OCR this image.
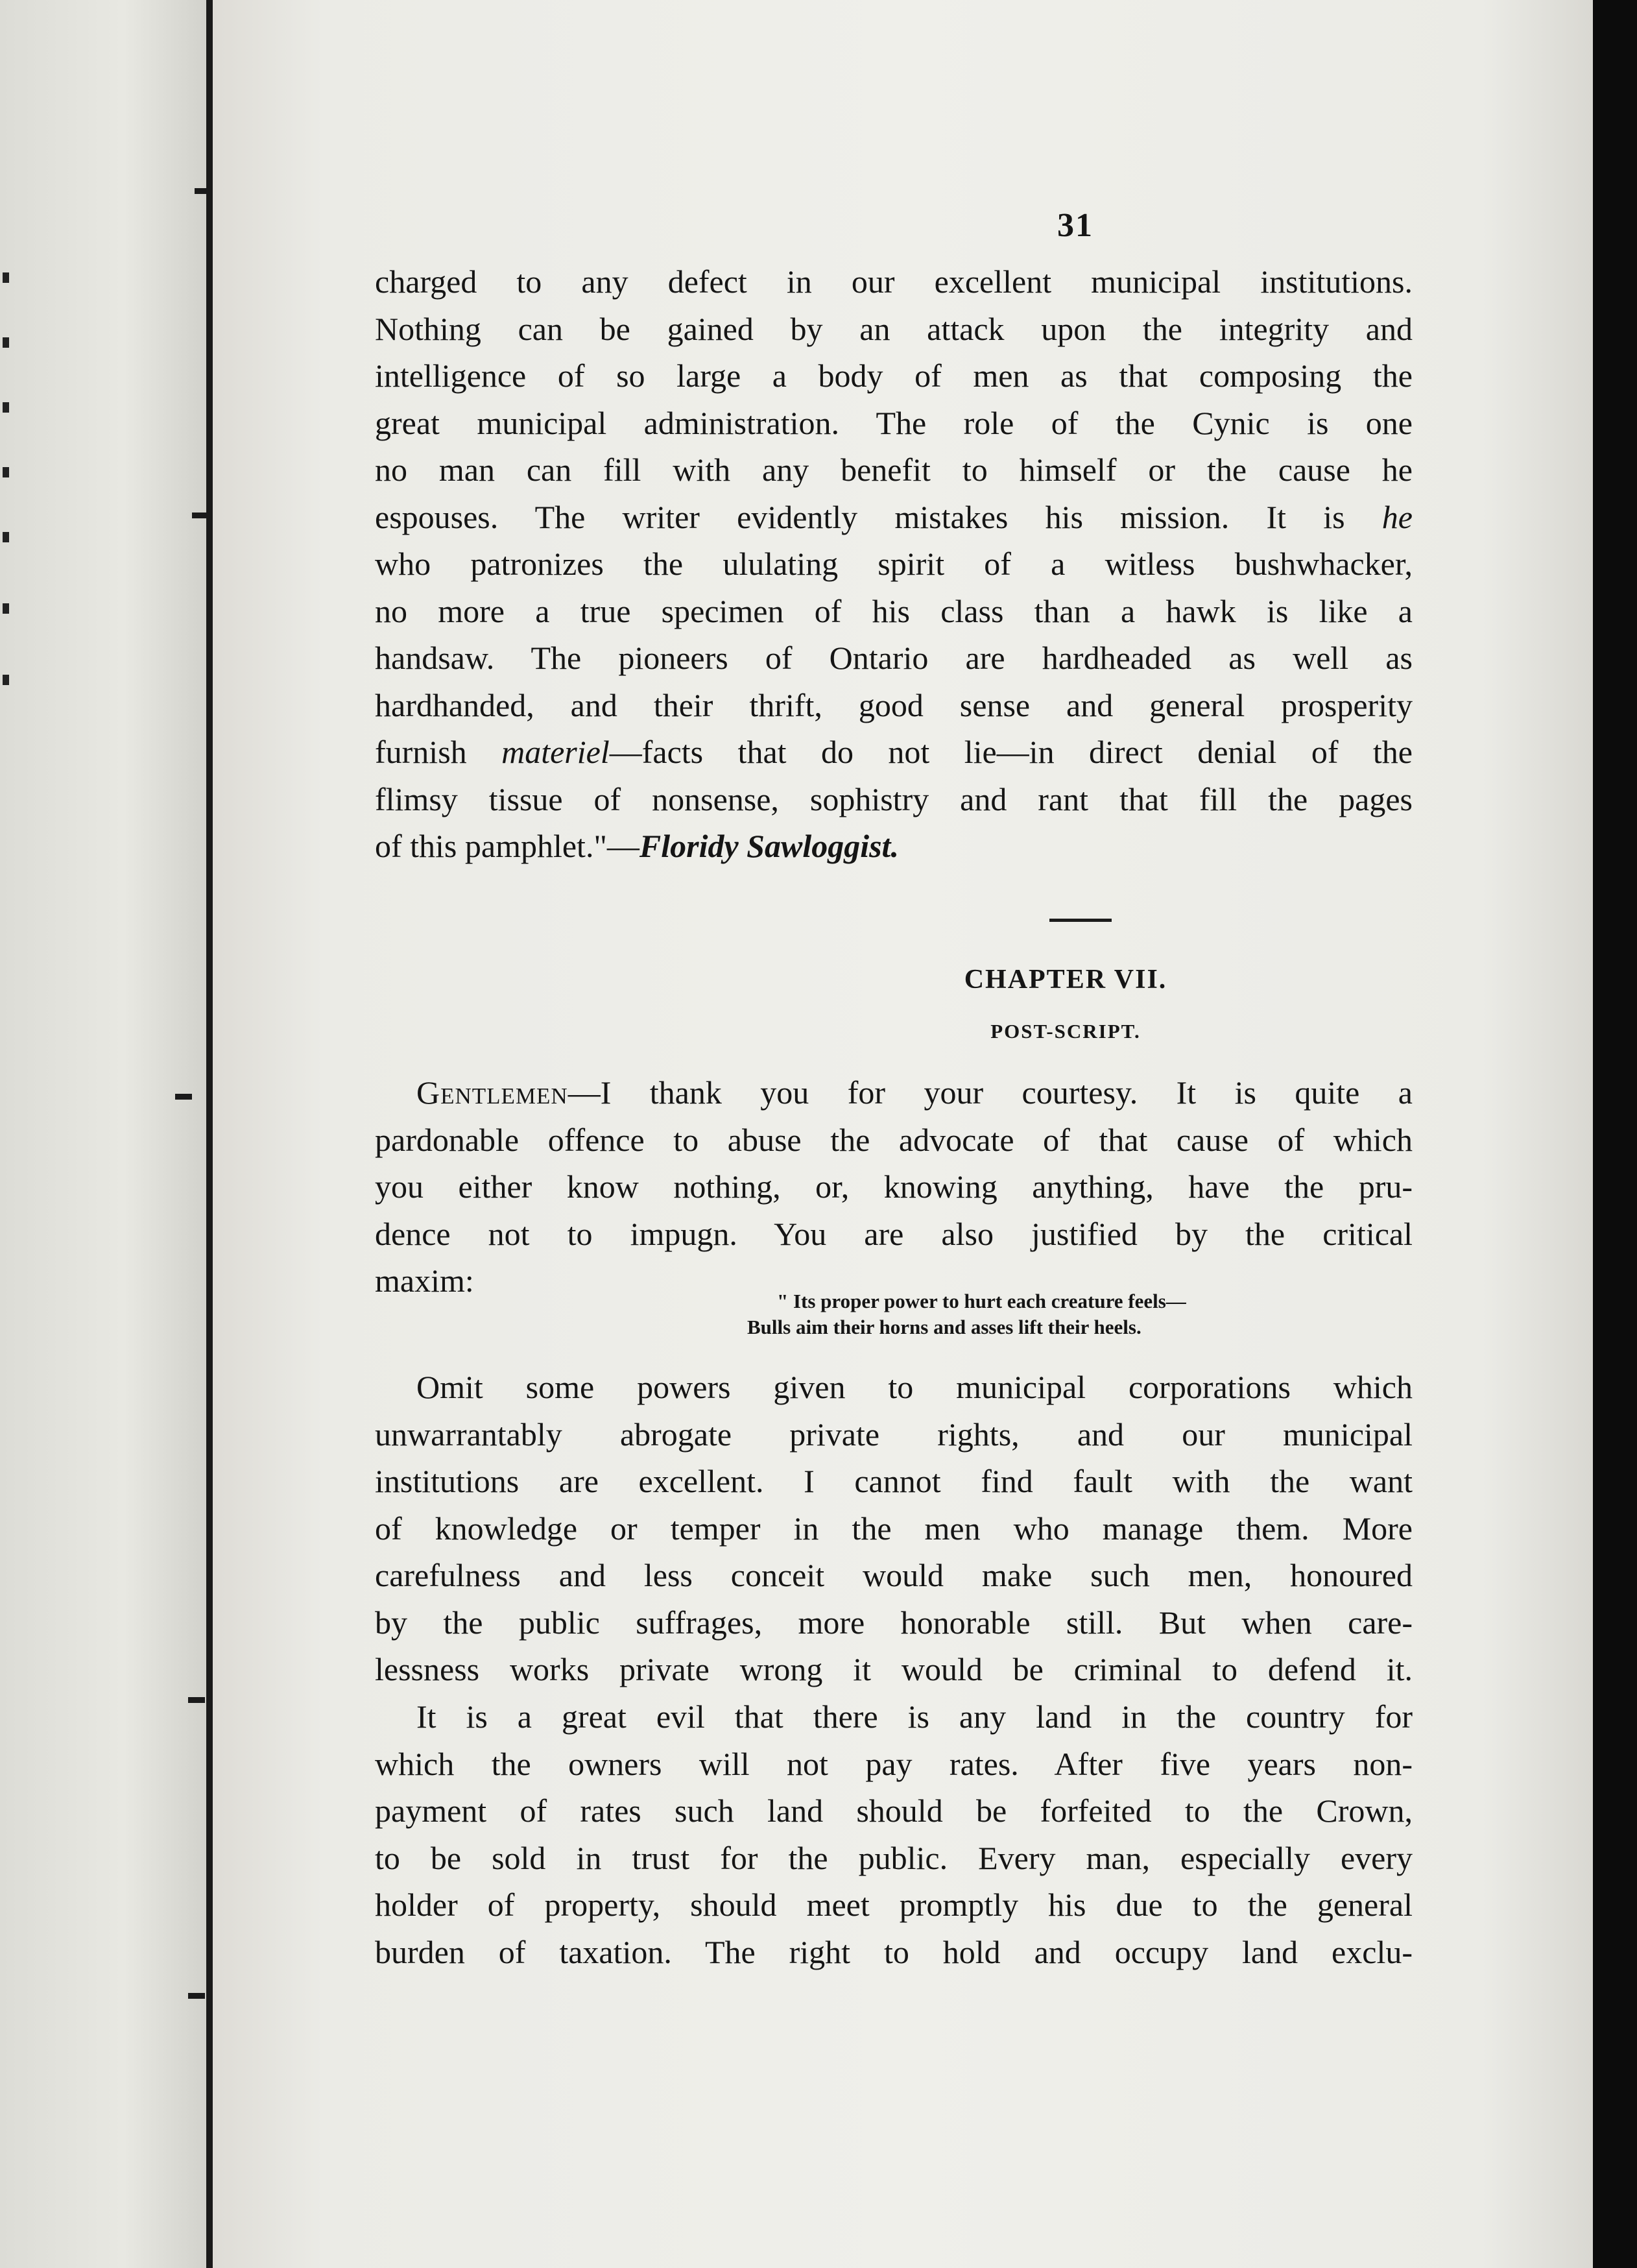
31
charged to any defect in our excellent municipal institutions.
Nothing can be gained by an attack upon the integrity and
intelligence of so large a body of men as that composing the
great municipal administration. The role of the Cynic is one
no man can fill with any benefit to himself or the cause he
espouses. The writer evidently mistakes his mission. It is he
who patronizes the ululating spirit of a witless bushwhacker,
no more a true specimen of his class than a hawk is like a
handsaw. The pioneers of Ontario are hardheaded as well as
hardhanded, and their thrift, good sense and general prosperity
furnish materiel—facts that do not lie—in direct denial of the
flimsy tissue of nonsense, sophistry and rant that fill the pages
of this pamphlet."—Floridy Sawloggist.
CHAPTER VII.
POST-SCRIPT.
Gentlemen—I thank you for your courtesy. It is quite a
pardonable offence to abuse the advocate of that cause of which
you either know nothing, or, knowing anything, have the pru-
dence not to impugn. You are also justified by the critical
maxim:
" Its proper power to hurt each creature feels—
Bulls aim their horns and asses lift their heels.
Omit some powers given to municipal corporations which
unwarrantably abrogate private rights, and our municipal
institutions are excellent. I cannot find fault with the want
of knowledge or temper in the men who manage them. More
carefulness and less conceit would make such men, honoured
by the public suffrages, more honorable still. But when care-
lessness works private wrong it would be criminal to defend it.
It is a great evil that there is any land in the country for
which the owners will not pay rates. After five years non-
payment of rates such land should be forfeited to the Crown,
to be sold in trust for the public. Every man, especially every
holder of property, should meet promptly his due to the general
burden of taxation. The right to hold and occupy land exclu-
